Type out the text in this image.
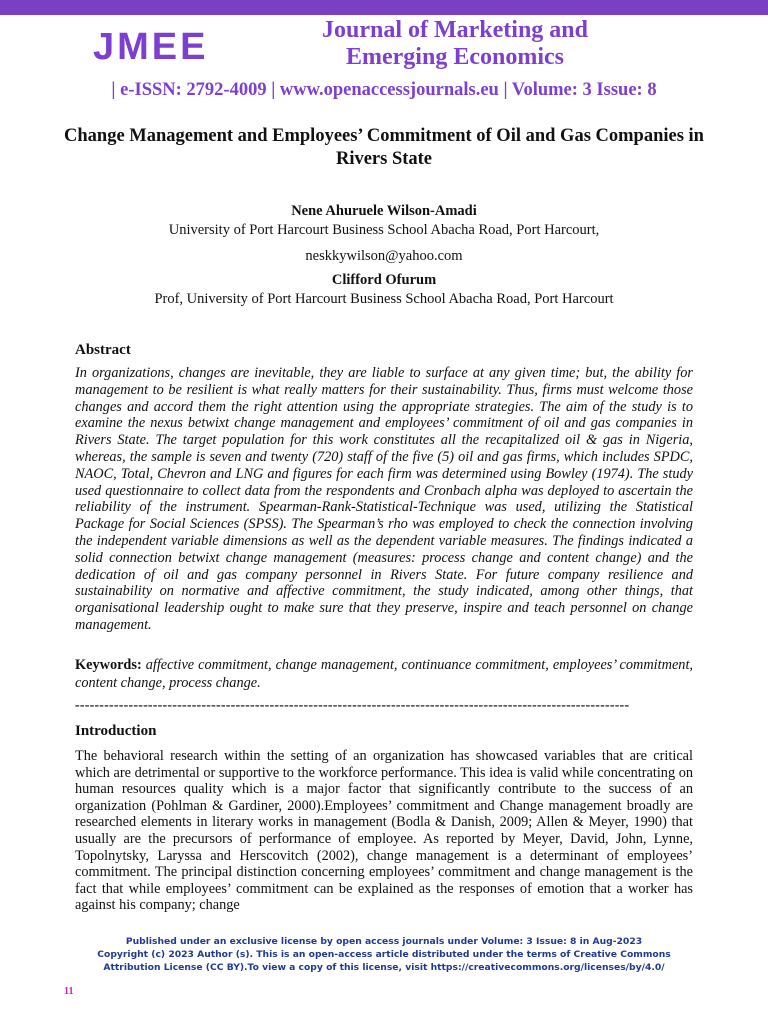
JMEE	Journal of Marketing and Emerging Economics
| e-ISSN: 2792-4009 | www.openaccessjournals.eu | Volume: 3 Issue: 8
Change Management and Employees’ Commitment of Oil and Gas Companies in Rivers State
Nene Ahuruele Wilson-Amadi
University of Port Harcourt Business School Abacha Road, Port Harcourt,
neskkywilson@yahoo.com
Clifford Ofurum
Prof, University of Port Harcourt Business School Abacha Road, Port Harcourt
Abstract
In organizations, changes are inevitable, they are liable to surface at any given time; but, the ability for management to be resilient is what really matters for their sustainability. Thus, firms must welcome those changes and accord them the right attention using the appropriate strategies. The aim of the study is to examine the nexus betwixt change management and employees’ commitment of oil and gas companies in Rivers State. The target population for this work constitutes all the recapitalized oil & gas in Nigeria, whereas, the sample is seven and twenty (720) staff of the five (5) oil and gas firms, which includes SPDC, NAOC, Total, Chevron and LNG and figures for each firm was determined using Bowley (1974). The study used questionnaire to collect data from the respondents and Cronbach alpha was deployed to ascertain the reliability of the instrument. Spearman-Rank-Statistical-Technique was used, utilizing the Statistical Package for Social Sciences (SPSS). The Spearman’s rho was employed to check the connection involving the independent variable dimensions as well as the dependent variable measures. The findings indicated a solid connection betwixt change management (measures: process change and content change) and the dedication of oil and gas company personnel in Rivers State. For future company resilience and sustainability on normative and affective commitment, the study indicated, among other things, that organisational leadership ought to make sure that they preserve, inspire and teach personnel on change management.
Keywords: affective commitment, change management, continuance commitment, employees’ commitment, content change, process change.
------------------------------------------------------------------------------------------------------------------
Introduction
The behavioral research within the setting of an organization has showcased variables that are critical which are detrimental or supportive to the workforce performance. This idea is valid while concentrating on human resources quality which is a major factor that significantly contribute to the success of an organization (Pohlman & Gardiner, 2000).Employees’ commitment and Change management broadly are researched elements in literary works in management (Bodla & Danish, 2009; Allen & Meyer, 1990) that usually are the precursors of performance of employee. As reported by Meyer, David, John, Lynne, Topolnytsky, Laryssa and Herscovitch (2002), change management is a determinant of employees’ commitment. The principal distinction concerning employees’ commitment and change management is the fact that while employees’ commitment can be explained as the responses of emotion that a worker has against his company; change
Published under an exclusive license by open access journals under Volume: 3 Issue: 8 in Aug-2023
Copyright (c) 2023 Author (s). This is an open-access article distributed under the terms of Creative Commons
Attribution License (CC BY).To view a copy of this license, visit https://creativecommons.org/licenses/by/4.0/
11
